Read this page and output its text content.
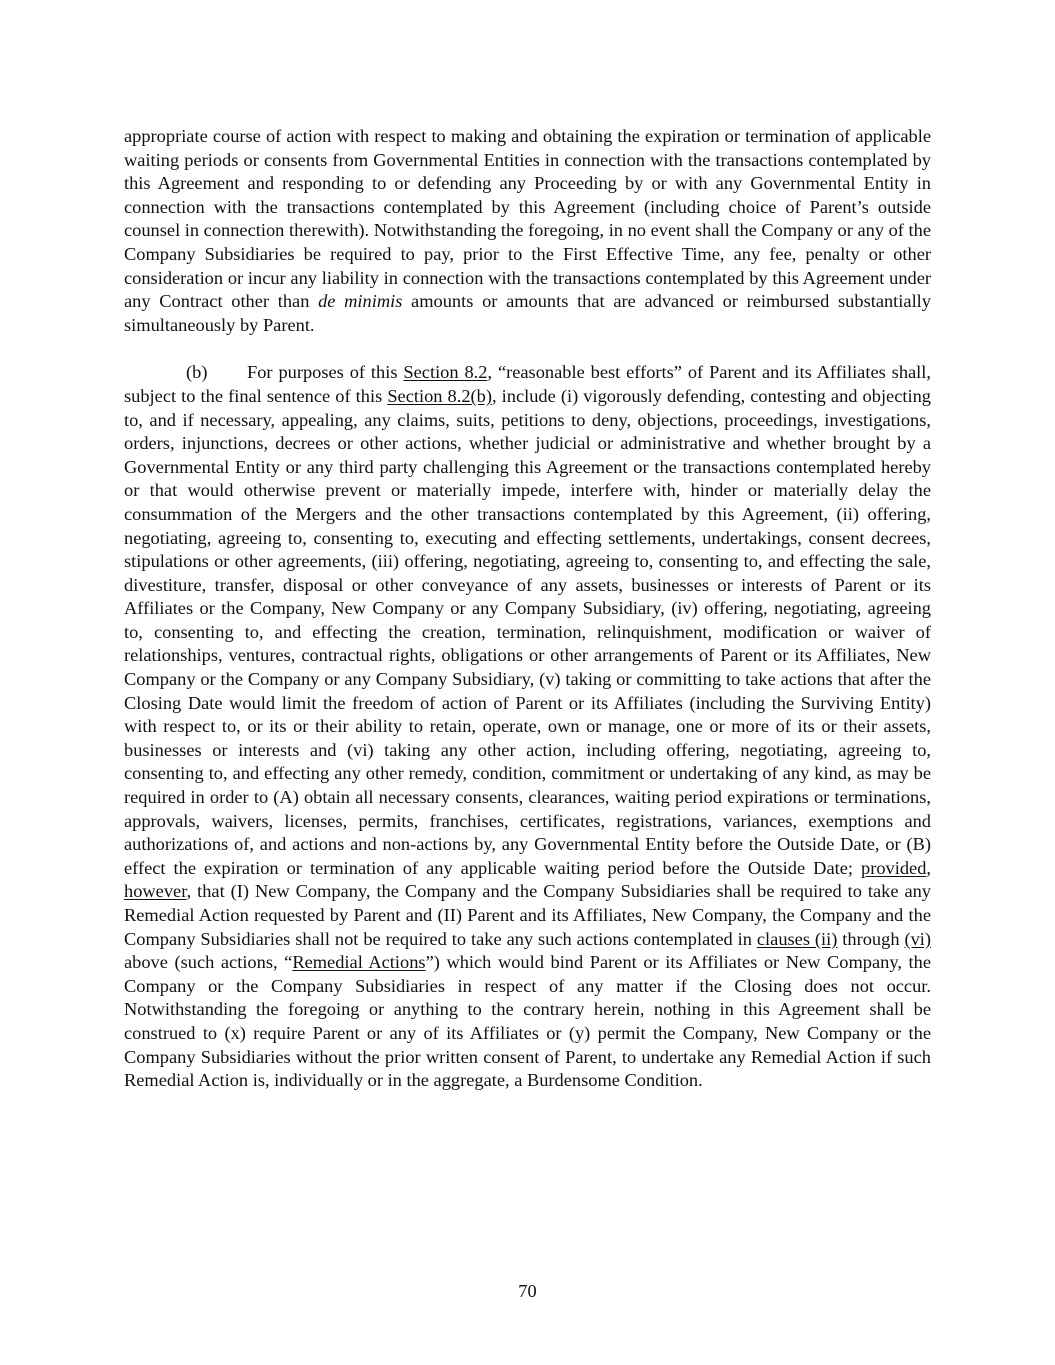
appropriate course of action with respect to making and obtaining the expiration or termination of applicable waiting periods or consents from Governmental Entities in connection with the transactions contemplated by this Agreement and responding to or defending any Proceeding by or with any Governmental Entity in connection with the transactions contemplated by this Agreement (including choice of Parent’s outside counsel in connection therewith). Notwithstanding the foregoing, in no event shall the Company or any of the Company Subsidiaries be required to pay, prior to the First Effective Time, any fee, penalty or other consideration or incur any liability in connection with the transactions contemplated by this Agreement under any Contract other than de minimis amounts or amounts that are advanced or reimbursed substantially simultaneously by Parent.

(b) For purposes of this Section 8.2, “reasonable best efforts” of Parent and its Affiliates shall, subject to the final sentence of this Section 8.2(b), include (i) vigorously defending, contesting and objecting to, and if necessary, appealing, any claims, suits, petitions to deny, objections, proceedings, investigations, orders, injunctions, decrees or other actions, whether judicial or administrative and whether brought by a Governmental Entity or any third party challenging this Agreement or the transactions contemplated hereby or that would otherwise prevent or materially impede, interfere with, hinder or materially delay the consummation of the Mergers and the other transactions contemplated by this Agreement, (ii) offering, negotiating, agreeing to, consenting to, executing and effecting settlements, undertakings, consent decrees, stipulations or other agreements, (iii) offering, negotiating, agreeing to, consenting to, and effecting the sale, divestiture, transfer, disposal or other conveyance of any assets, businesses or interests of Parent or its Affiliates or the Company, New Company or any Company Subsidiary, (iv) offering, negotiating, agreeing to, consenting to, and effecting the creation, termination, relinquishment, modification or waiver of relationships, ventures, contractual rights, obligations or other arrangements of Parent or its Affiliates, New Company or the Company or any Company Subsidiary, (v) taking or committing to take actions that after the Closing Date would limit the freedom of action of Parent or its Affiliates (including the Surviving Entity) with respect to, or its or their ability to retain, operate, own or manage, one or more of its or their assets, businesses or interests and (vi) taking any other action, including offering, negotiating, agreeing to, consenting to, and effecting any other remedy, condition, commitment or undertaking of any kind, as may be required in order to (A) obtain all necessary consents, clearances, waiting period expirations or terminations, approvals, waivers, licenses, permits, franchises, certificates, registrations, variances, exemptions and authorizations of, and actions and non-actions by, any Governmental Entity before the Outside Date, or (B) effect the expiration or termination of any applicable waiting period before the Outside Date; provided, however, that (I) New Company, the Company and the Company Subsidiaries shall be required to take any Remedial Action requested by Parent and (II) Parent and its Affiliates, New Company, the Company and the Company Subsidiaries shall not be required to take any such actions contemplated in clauses (ii) through (vi) above (such actions, “Remedial Actions”) which would bind Parent or its Affiliates or New Company, the Company or the Company Subsidiaries in respect of any matter if the Closing does not occur. Notwithstanding the foregoing or anything to the contrary herein, nothing in this Agreement shall be construed to (x) require Parent or any of its Affiliates or (y) permit the Company, New Company or the Company Subsidiaries without the prior written consent of Parent, to undertake any Remedial Action if such Remedial Action is, individually or in the aggregate, a Burdensome Condition.

70
